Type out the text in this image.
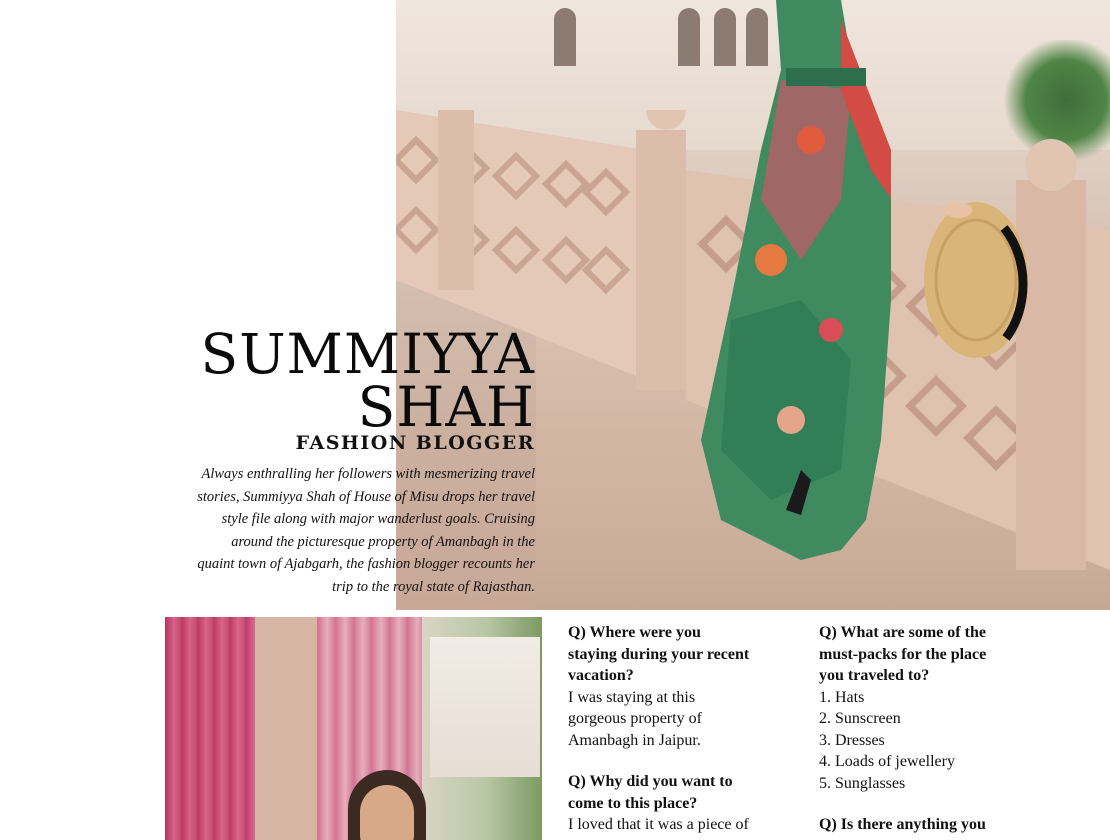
SUMMIYYA
SHAH
FASHION BLOGGER

Always enthralling her followers with mesmerizing travel
stories, Summiyya Shah of House of Misu drops her travel
style file along with major wanderlust goals. Cruising
around the picturesque property of Amanbagh in the
quaint town of Ajabgarh, the fashion blogger recounts her
trip to the royal state of Rajasthan.

Q) Where were you
staying during your recent
vacation?
I was staying at this
gorgeous property of
Amanbagh in Jaipur.
Q) Why did you want to
come to this place?
I loved that it was a piece of
Q) What are some of the
must-packs for the place
you traveled to?
1. Hats
2. Sunscreen
3. Dresses
4. Loads of jewellery
5. Sunglasses
Q) Is there anything you
